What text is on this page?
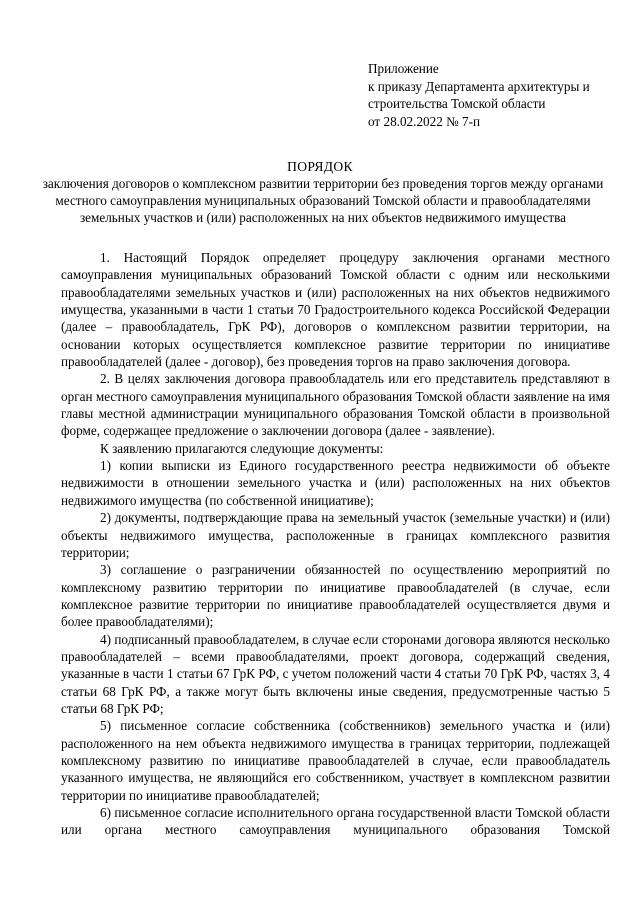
Приложение
к приказу Департамента архитектуры и
строительства Томской области
от 28.02.2022 № 7-п
ПОРЯДОК
заключения договоров о комплексном развитии территории без проведения торгов между органами местного самоуправления муниципальных образований Томской области и правообладателями земельных участков и (или) расположенных на них объектов недвижимого имущества

1. Настоящий Порядок определяет процедуру заключения органами местного самоуправления муниципальных образований Томской области с одним или несколькими правообладателями земельных участков и (или) расположенных на них объектов недвижимого имущества, указанными в части 1 статьи 70 Градостроительного кодекса Российской Федерации (далее – правообладатель, ГрК РФ), договоров о комплексном развитии территории, на основании которых осуществляется комплексное развитие территории по инициативе правообладателей (далее - договор), без проведения торгов на право заключения договора.

2. В целях заключения договора правообладатель или его представитель представляют в орган местного самоуправления муниципального образования Томской области заявление на имя главы местной администрации муниципального образования Томской области в произвольной форме, содержащее предложение о заключении договора (далее - заявление).

К заявлению прилагаются следующие документы:

1) копии выписки из Единого государственного реестра недвижимости об объекте недвижимости в отношении земельного участка и (или) расположенных на них объектов недвижимого имущества (по собственной инициативе);

2) документы, подтверждающие права на земельный участок (земельные участки) и (или) объекты недвижимого имущества, расположенные в границах комплексного развития территории;

3) соглашение о разграничении обязанностей по осуществлению мероприятий по комплексному развитию территории по инициативе правообладателей (в случае, если комплексное развитие территории по инициативе правообладателей осуществляется двумя и более правообладателями);

4) подписанный правообладателем, в случае если сторонами договора являются несколько правообладателей – всеми правообладателями, проект договора, содержащий сведения, указанные в части 1 статьи 67 ГрК РФ, с учетом положений части 4 статьи 70 ГрК РФ, частях 3, 4 статьи 68 ГрК РФ, а также могут быть включены иные сведения, предусмотренные частью 5 статьи 68 ГрК РФ;

5) письменное согласие собственника (собственников) земельного участка и (или) расположенного на нем объекта недвижимого имущества в границах территории, подлежащей комплексному развитию по инициативе правообладателей в случае, если правообладатель указанного имущества, не являющийся его собственником, участвует в комплексном развитии территории по инициативе правообладателей;

6) письменное согласие исполнительного органа государственной власти Томской области или органа местного самоуправления муниципального образования Томской
